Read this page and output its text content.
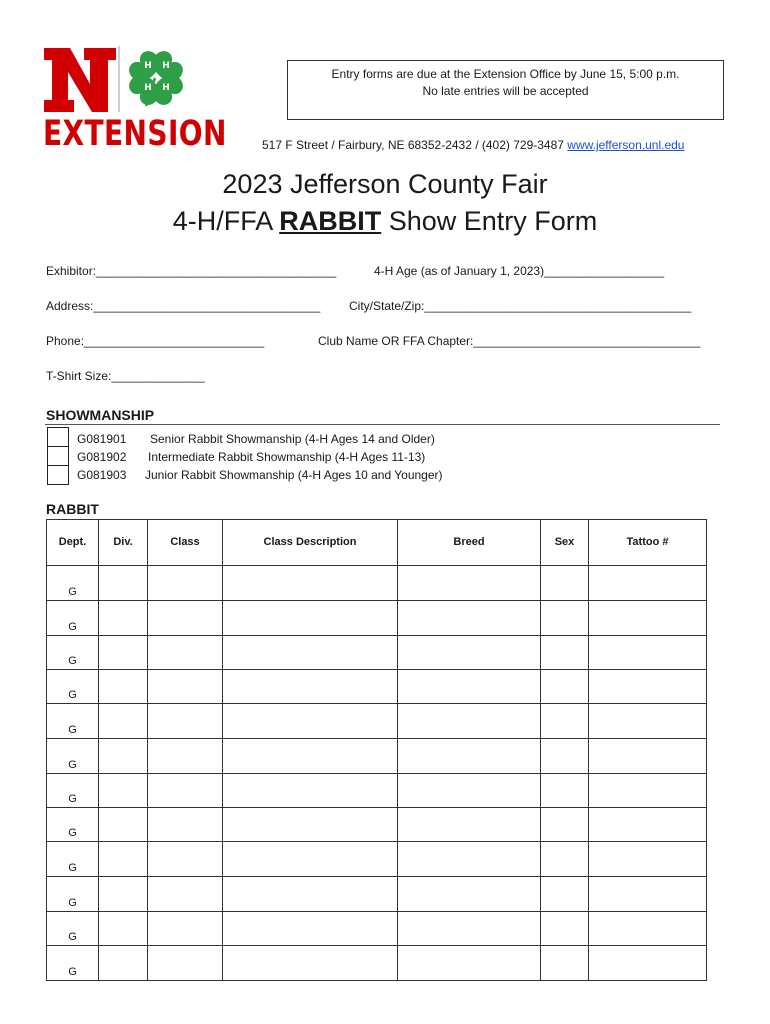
H H
H H
EXTENSION
Entry forms are due at the Extension Office by June 15, 5:00 p.m.
No late entries will be accepted
517 F Street / Fairbury, NE 68352-2432 / (402) 729-3487 www.jefferson.unl.edu
2023 Jefferson County Fair
4-H/FFA RABBIT Show Entry Form
Exhibitor:____________________________________	4-H Age (as of January 1, 2023)__________________
Address:__________________________________ City/State/Zip:________________________________________
Phone:___________________________	Club Name OR FFA Chapter:__________________________________
T-Shirt Size:______________
SHOWMANSHIP
G081901 Senior Rabbit Showmanship (4-H Ages 14 and Older)
G081902 Intermediate Rabbit Showmanship (4-H Ages 11-13)
G081903 Junior Rabbit Showmanship (4-H Ages 10 and Younger)
RABBIT
Dept.	Div.	Class	Class Description	Breed	Sex	Tattoo #
G						
G						
G						
G						
G						
G						
G						
G						
G						
G						
G						
G						
